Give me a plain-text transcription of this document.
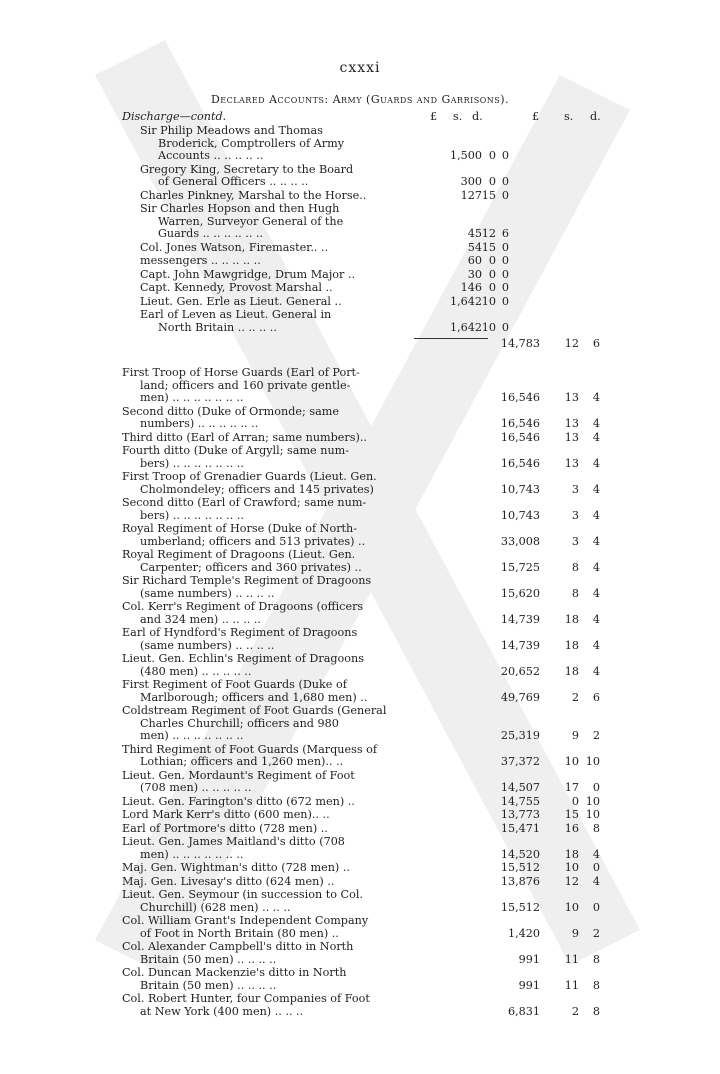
cxxxi
Declared Accounts: Army (Guards and Garrisons).
Discharge—contd.	£ s. d.	£ s. d.
Sir Philip Meadows and Thomas
Broderick, Comptrollers of Army
Accounts .. .. .. .. ..	1,500 0 0
Gregory King, Secretary to the Board
of General Officers .. .. .. ..	300 0 0
Charles Pinkney, Marshal to the Horse..	127 15 0
Sir Charles Hopson and then Hugh
Warren, Surveyor General of the
Guards .. .. .. .. .. ..	45 12 6
Col. Jones Watson, Firemaster.. ..	54 15 0
messengers .. .. .. .. ..	60 0 0
Capt. John Mawgridge, Drum Major ..	30 0 0
Capt. Kennedy, Provost Marshal ..	146 0 0
Lieut. Gen. Erle as Lieut. General ..	1,642 10 0
Earl of Leven as Lieut. General in
North Britain .. .. .. ..	1,642 10 0
14,783 12 6
First Troop of Horse Guards (Earl of Port-
land; officers and 160 private gentle-
men) .. .. .. .. .. .. ..	16,546 13 4
Second ditto (Duke of Ormonde; same
numbers) .. .. .. .. .. ..	16,546 13 4
Third ditto (Earl of Arran; same numbers)..	16,546 13 4
Fourth ditto (Duke of Argyll; same num-
bers) .. .. .. .. .. .. ..	16,546 13 4
First Troop of Grenadier Guards (Lieut. Gen.
Cholmondeley; officers and 145 privates)	10,743	3 4
Second ditto (Earl of Crawford; same num-
bers) .. .. .. .. .. .. ..	10,743	3 4
Royal Regiment of Horse (Duke of North-
umberland; officers and 513 privates) ..	33,008	3 4
Royal Regiment of Dragoons (Lieut. Gen.
Carpenter; officers and 360 privates) ..	15,725	8 4
Sir Richard Temple's Regiment of Dragoons
(same numbers) .. .. .. ..	15,620	8 4
Col. Kerr's Regiment of Dragoons (officers
and 324 men) .. .. .. ..	14,739 18 4
Earl of Hyndford's Regiment of Dragoons
(same numbers) .. .. .. ..	14,739 18 4
Lieut. Gen. Echlin's Regiment of Dragoons
(480 men) .. .. .. .. ..	20,652 18 4
First Regiment of Foot Guards (Duke of
Marlborough; officers and 1,680 men) ..	49,769	2 6
Coldstream Regiment of Foot Guards (General
Charles Churchill; officers and 980
men) .. .. .. .. .. .. ..	25,319	9 2
Third Regiment of Foot Guards (Marquess of
Lothian; officers and 1,260 men).. ..	37,372 10 10
Lieut. Gen. Mordaunt's Regiment of Foot
(708 men) .. .. .. .. ..	14,507 17 0
Lieut. Gen. Farington's ditto (672 men) ..	14,755	0 10
Lord Mark Kerr's ditto (600 men).. ..	13,773 15 10
Earl of Portmore's ditto (728 men) ..	15,471 16 8
Lieut. Gen. James Maitland's ditto (708
men) .. .. .. .. .. .. ..	14,520 18 4
Maj. Gen. Wightman's ditto (728 men) ..	15,512 10 0
Maj. Gen. Livesay's ditto (624 men) ..	13,876 12 4
Lieut. Gen. Seymour (in succession to Col.
Churchill) (628 men) .. .. ..	15,512 10 0
Col. William Grant's Independent Company
of Foot in North Britain (80 men) ..	1,420	9 2
Col. Alexander Campbell's ditto in North
Britain (50 men) .. .. .. ..	991 11 8
Col. Duncan Mackenzie's ditto in North
Britain (50 men) .. .. .. ..	991 11 8
Col. Robert Hunter, four Companies of Foot
at New York (400 men) .. .. ..	6,831	2 8
